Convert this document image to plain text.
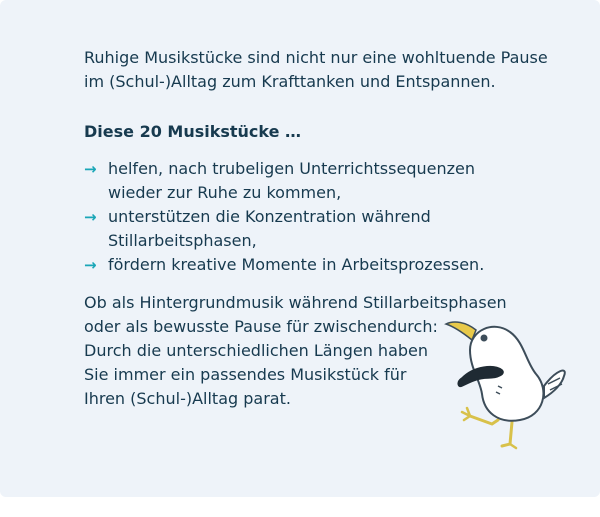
Ruhige Musikstücke sind nicht nur eine wohltuende Pause
im (Schul-)Alltag zum Krafttanken und Entspannen.

Diese 20 Musikstücke …

→ helfen, nach trubeligen Unterrichtssequenzen
wieder zur Ruhe zu kommen,
→ unterstützen die Konzentration während
Stillarbeitsphasen,
→ fördern kreative Momente in Arbeitsprozessen.

Ob als Hintergrundmusik während Stillarbeitsphasen
oder als bewusste Pause für zwischendurch:
Durch die unterschiedlichen Längen haben
Sie immer ein passendes Musikstück für
Ihren (Schul-)Alltag parat.
